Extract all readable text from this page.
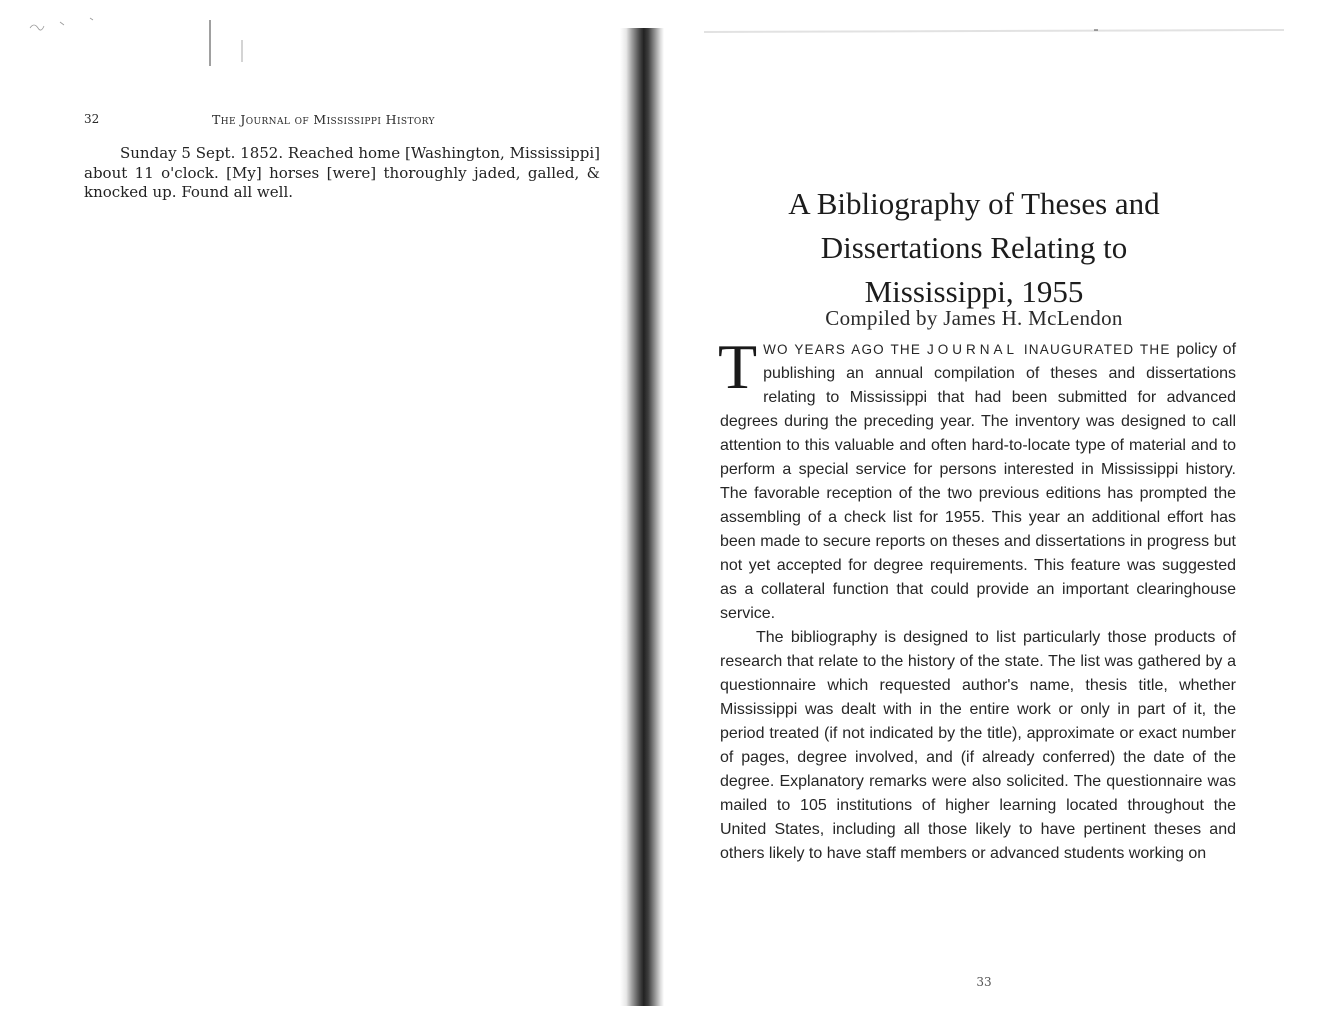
32	The Journal of Mississippi History

Sunday 5 Sept. 1852. Reached home [Washington, Mississippi] about 11 o'clock. [My] horses [were] thoroughly jaded, galled, & knocked up. Found all well.	A Bibliography of Theses and
Dissertations Relating to
Mississippi, 1955
Compiled by James H. McLendon

T WO YEARS AGO THE JOURNAL INAUGURATED THE policy of publishing an annual compilation of theses and dissertations relating to Mississippi that had been submitted for advanced degrees during the preceding year. The inventory was designed to call attention to this valuable and often hard-to-locate type of material and to perform a special service for persons interested in Mississippi history. The favorable reception of the two previous editions has prompted the assembling of a check list for 1955. This year an additional effort has been made to secure reports on theses and dissertations in progress but not yet accepted for degree requirements. This feature was suggested as a collateral function that could provide an important clearinghouse service.

The bibliography is designed to list particularly those products of research that relate to the history of the state. The list was gathered by a questionnaire which requested author's name, thesis title, whether Mississippi was dealt with in the entire work or only in part of it, the period treated (if not indicated by the title), approximate or exact number of pages, degree involved, and (if already conferred) the date of the degree. Explanatory remarks were also solicited. The questionnaire was mailed to 105 institutions of higher learning located throughout the United States, including all those likely to have pertinent theses and others likely to have staff members or advanced students working on

33
